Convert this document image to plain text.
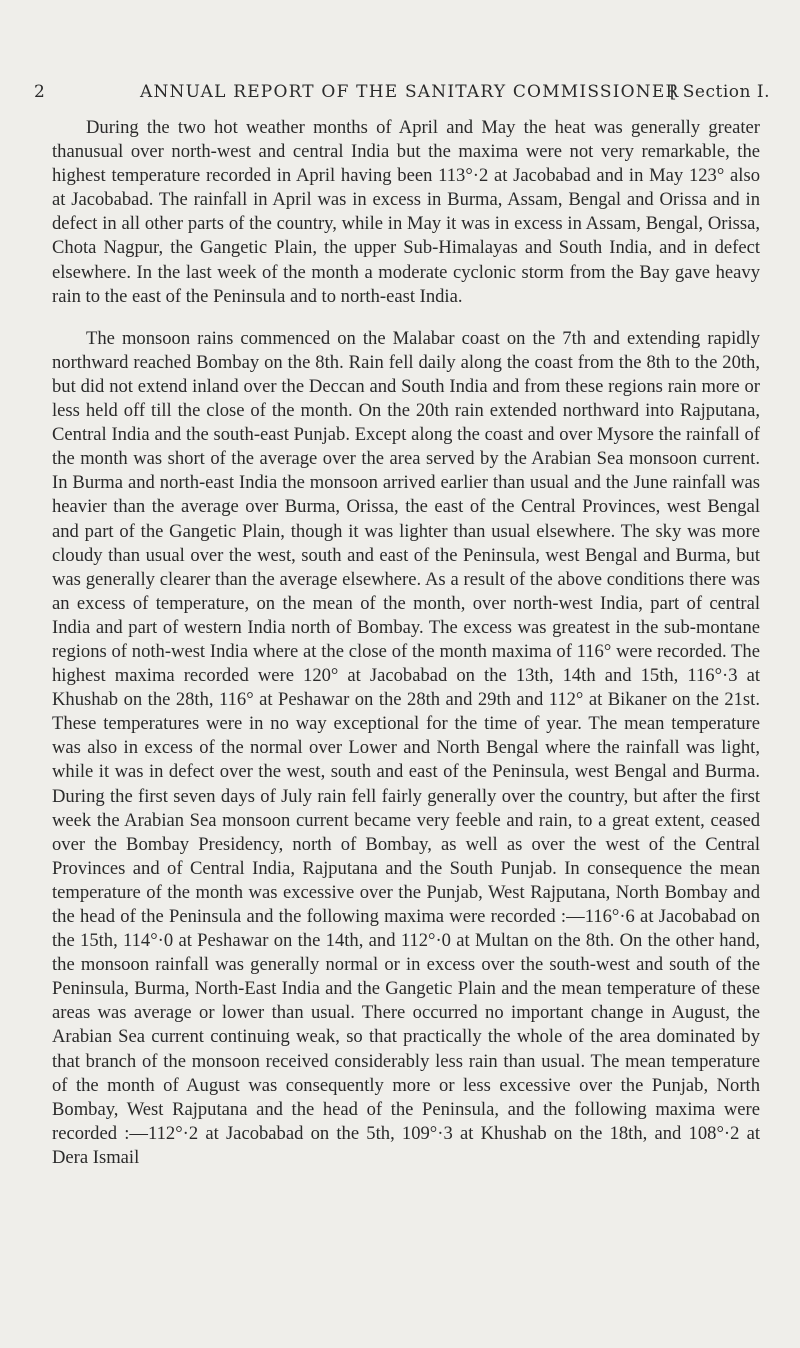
2	ANNUAL REPORT OF THE SANITARY COMMISSIONER
[ Section I.

During the two hot weather months of April and May the heat was generally greater thanusual over north-west and central India but the maxima were not very remarkable, the highest temperature recorded in April having been 113°·2 at Jacobabad and in May 123° also at Jacobabad. The rainfall in April was in excess in Burma, Assam, Bengal and Orissa and in defect in all other parts of the country, while in May it was in excess in Assam, Bengal, Orissa, Chota Nagpur, the Gangetic Plain, the upper Sub-Himalayas and South India, and in defect elsewhere. In the last week of the month a moderate cyclonic storm from the Bay gave heavy rain to the east of the Peninsula and to north-east India.

The monsoon rains commenced on the Malabar coast on the 7th and extending rapidly northward reached Bombay on the 8th. Rain fell daily along the coast from the 8th to the 20th, but did not extend inland over the Deccan and South India and from these regions rain more or less held off till the close of the month. On the 20th rain extended northward into Rajputana, Central India and the south-east Punjab. Except along the coast and over Mysore the rainfall of the month was short of the average over the area served by the Arabian Sea monsoon current. In Burma and north-east India the monsoon arrived earlier than usual and the June rainfall was heavier than the average over Burma, Orissa, the east of the Central Provinces, west Bengal and part of the Gangetic Plain, though it was lighter than usual elsewhere. The sky was more cloudy than usual over the west, south and east of the Peninsula, west Bengal and Burma, but was generally clearer than the average elsewhere. As a result of the above conditions there was an excess of temperature, on the mean of the month, over north-west India, part of central India and part of western India north of Bombay. The excess was greatest in the sub-montane regions of noth-west India where at the close of the month maxima of 116° were recorded. The highest maxima recorded were 120° at Jacobabad on the 13th, 14th and 15th, 116°·3 at Khushab on the 28th, 116° at Peshawar on the 28th and 29th and 112° at Bikaner on the 21st. These temperatures were in no way exceptional for the time of year. The mean temperature was also in excess of the normal over Lower and North Bengal where the rainfall was light, while it was in defect over the west, south and east of the Peninsula, west Bengal and Burma. During the first seven days of July rain fell fairly generally over the country, but after the first week the Arabian Sea monsoon current became very feeble and rain, to a great extent, ceased over the Bombay Presidency, north of Bombay, as well as over the west of the Central Provinces and of Central India, Rajputana and the South Punjab. In consequence the mean temperature of the month was excessive over the Punjab, West Rajputana, North Bombay and the head of the Peninsula and the following maxima were recorded :—116°·6 at Jacobabad on the 15th, 114°·0 at Peshawar on the 14th, and 112°·0 at Multan on the 8th. On the other hand, the monsoon rainfall was generally normal or in excess over the south-west and south of the Peninsula, Burma, North-East India and the Gangetic Plain and the mean temperature of these areas was average or lower than usual. There occurred no important change in August, the Arabian Sea current continuing weak, so that practically the whole of the area dominated by that branch of the monsoon received considerably less rain than usual. The mean temperature of the month of August was consequently more or less excessive over the Punjab, North Bombay, West Rajputana and the head of the Peninsula, and the following maxima were recorded :—112°·2 at Jacobabad on the 5th, 109°·3 at Khushab on the 18th, and 108°·2 at Dera Ismail
